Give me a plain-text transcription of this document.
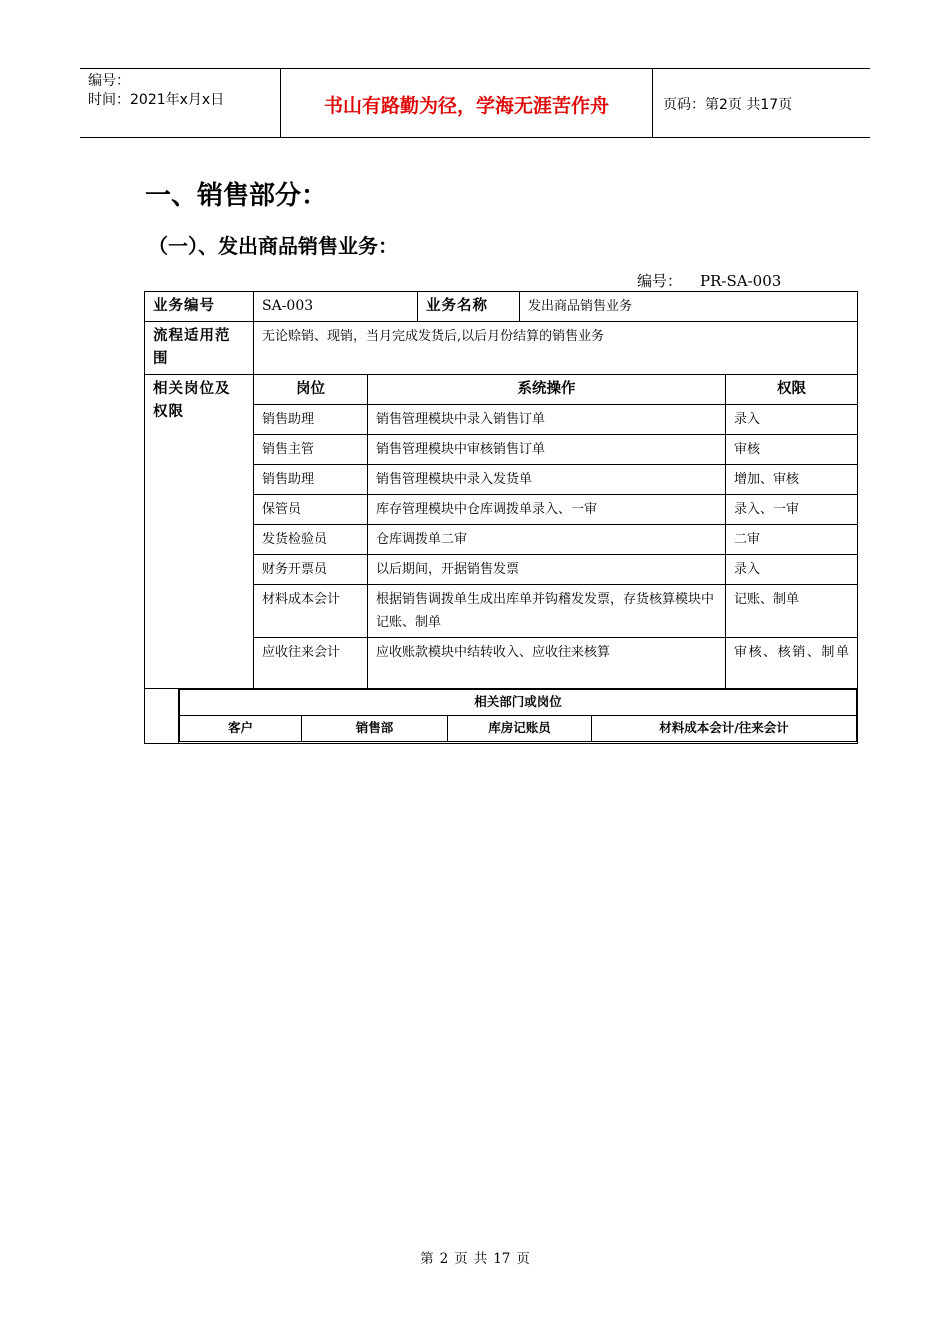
编号：
时间：2021年x月x日	书山有路勤为径，学海无涯苦作舟	页码：第2页 共17页
一、销售部分：
（一）、发出商品销售业务：
编号： PR-SA-003
业务编号	SA-003	业务名称	发出商品销售业务
流程适用范围	无论赊销、现销，当月完成发货后,以后月份结算的销售业务
相关岗位及权限	岗位	系统操作	权限
销售助理	销售管理模块中录入销售订单	录入
销售主管	销售管理模块中审核销售订单	审核
销售助理	销售管理模块中录入发货单	增加、审核
保管员	库存管理模块中仓库调拨单录入、一审	录入、一审
发货检验员	仓库调拨单二审	二审
财务开票员	以后期间，开据销售发票	录入
材料成本会计	根据销售调拨单生成出库单并钩稽发发票，存货核算模块中记账、制单	记账、制单
应收往来会计	应收账款模块中结转收入、应收往来核算	审核、核销、制单

相关部门或岗位
客户	销售部	库房记账员	材料成本会计/往来会计
第 2 页 共 17 页
